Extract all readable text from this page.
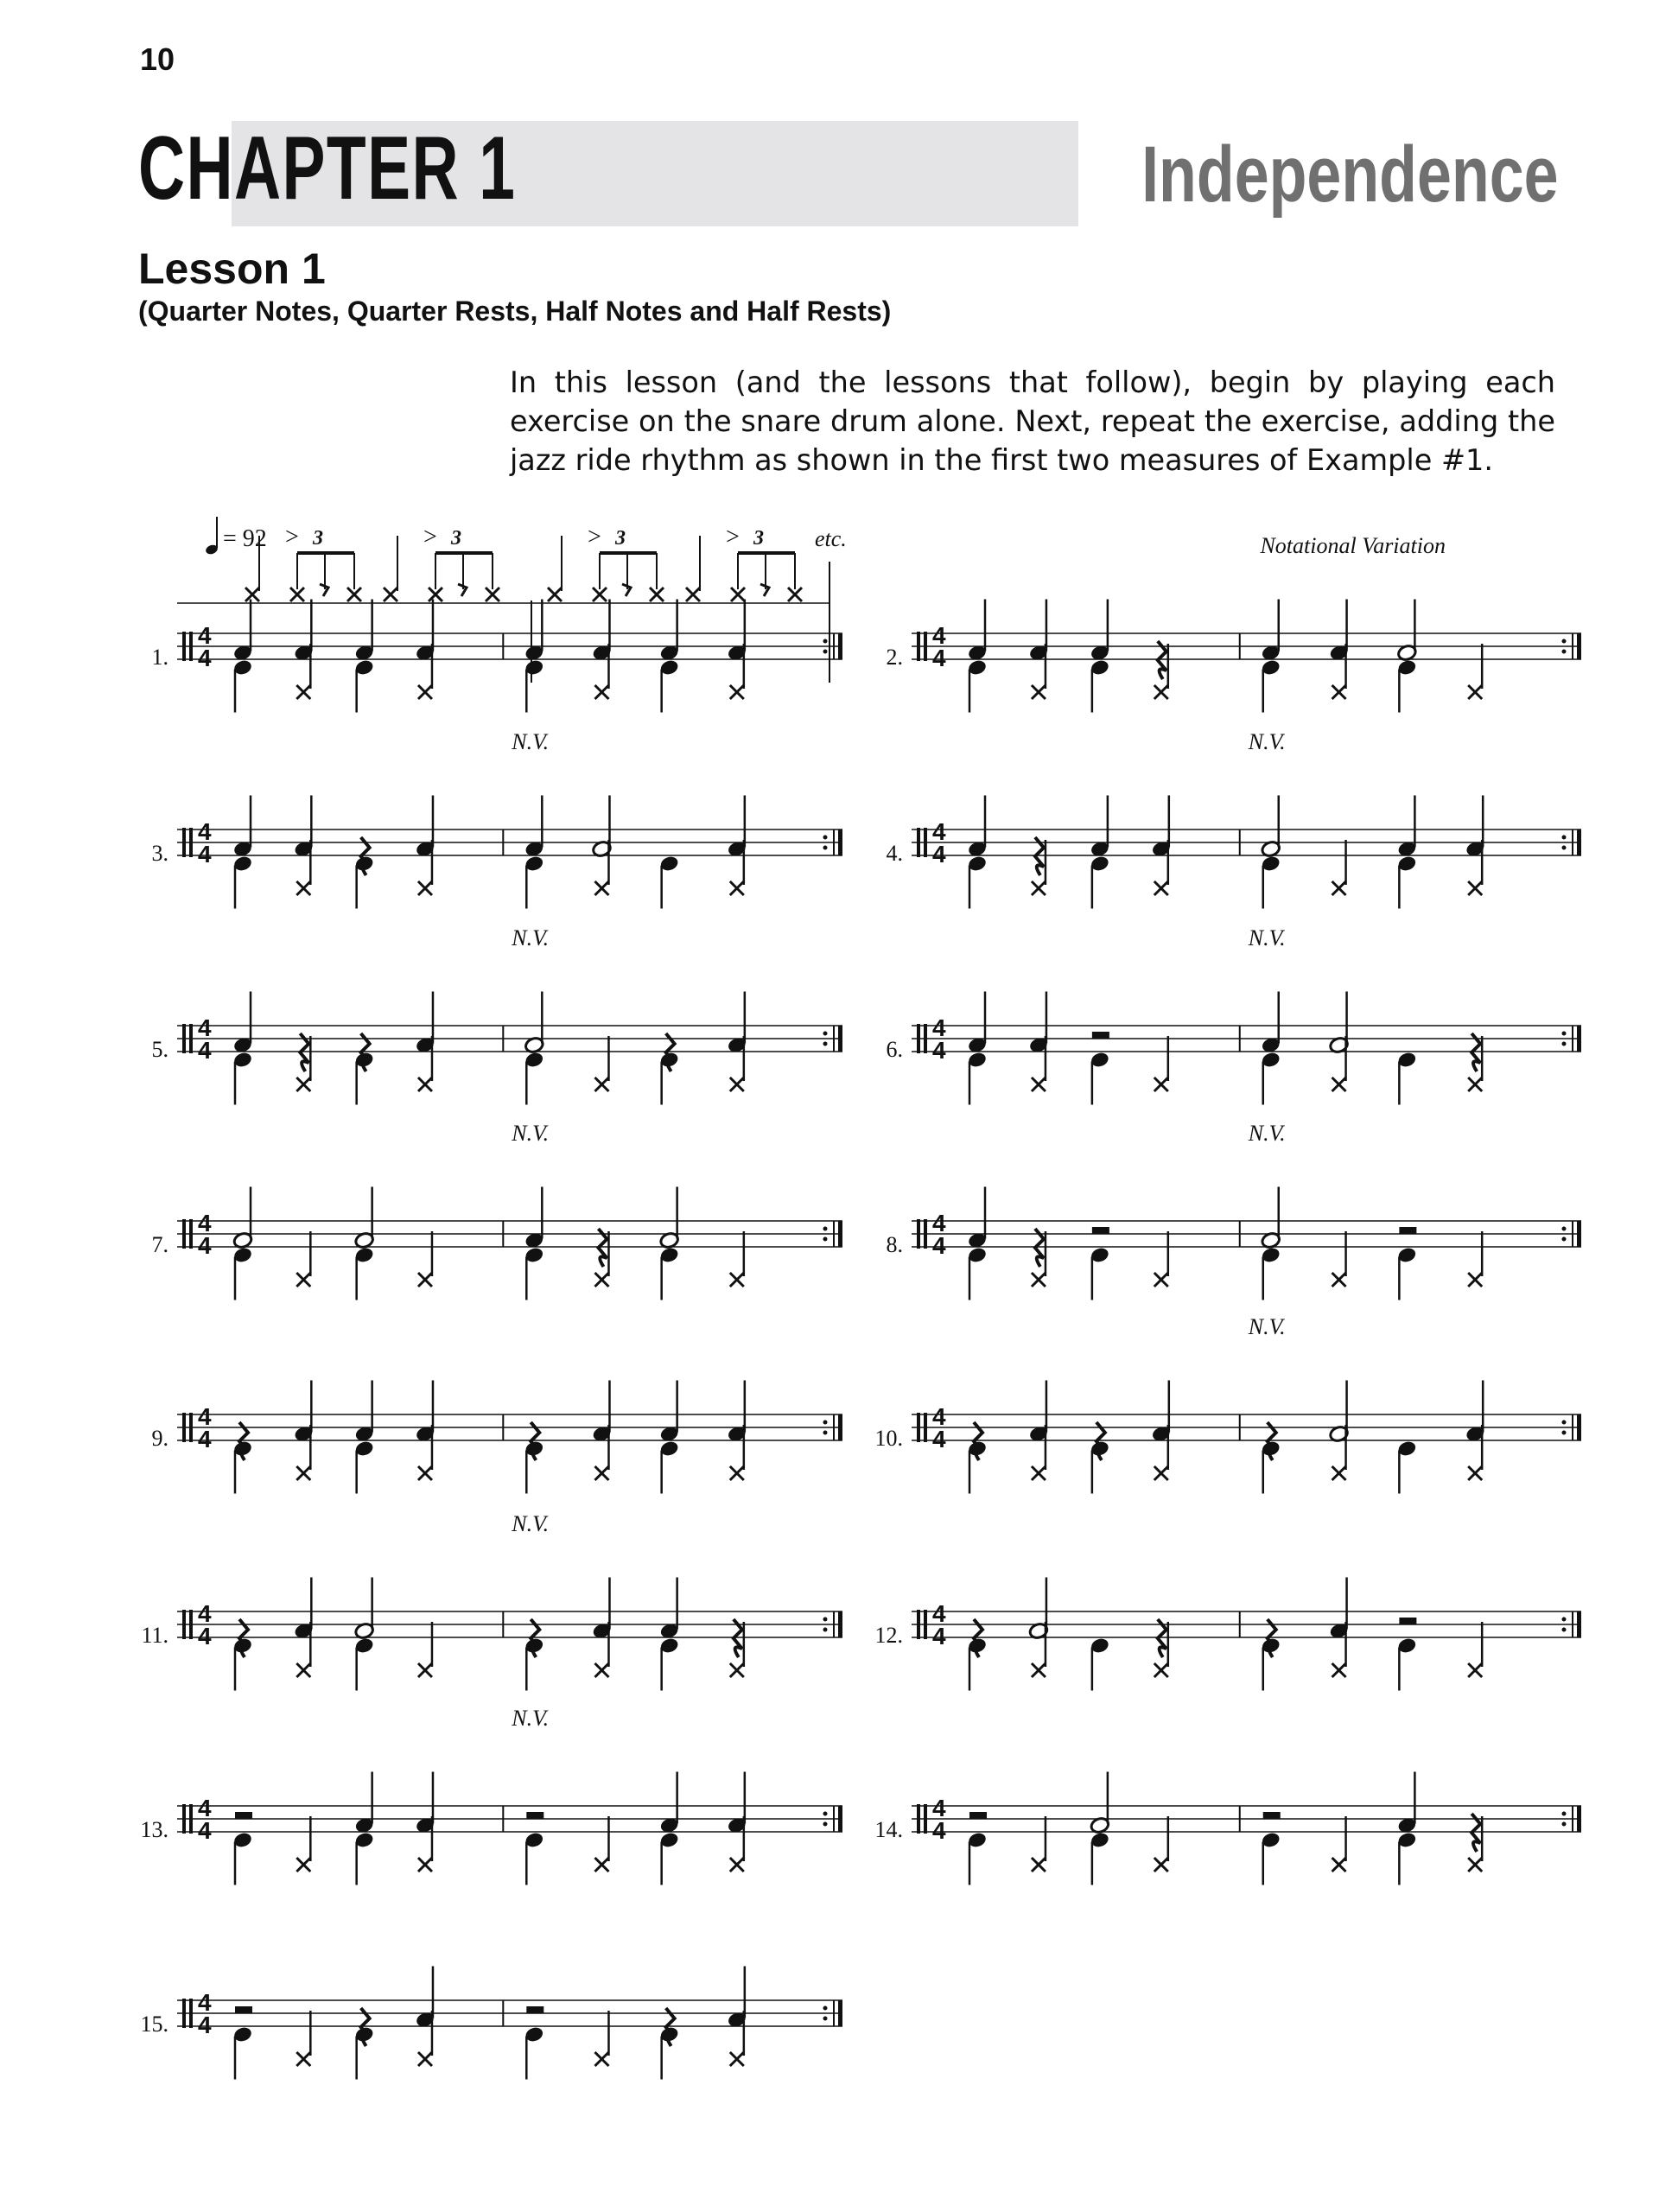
10
CHAPTER 1	Independence
Lesson 1
(Quarter Notes, Quarter Rests, Half Notes and Half Rests)
In this lesson (and the lessons that follow), begin by playing each exercise on the snare drum alone. Next, repeat the exercise, adding the jazz ride rhythm as shown in the first two measures of Example #1.
= 92	etc.
3
>	3
>	3
>	3
>
1.
4
4	2.
4
4
Notational Variation
3.
4
4
N.V.
4.
4
4
N.V.
5.
4
4
N.V.
6.
4
4
N.V.
7.
4
4
N.V.
8.
4
4
N.V.
9.
4
4	10.
4
4
N.V.
11.
4
4
N.V.
12.
4
4
13.
4
4
N.V.
14.
4
4
15.
4
4
